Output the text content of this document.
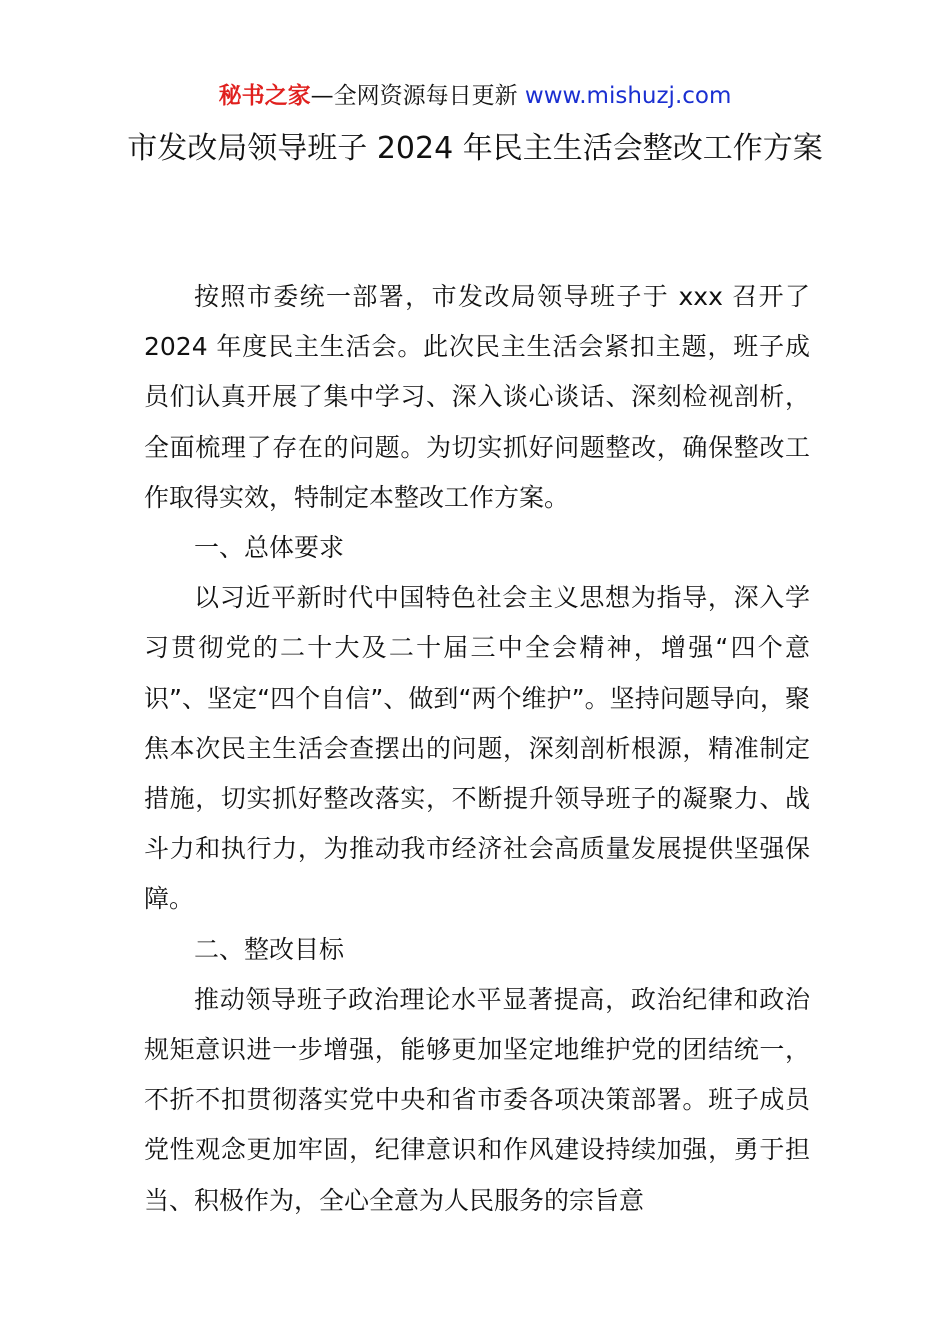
秘书之家—全网资源每日更新 www.mishuzj.com
市发改局领导班子 2024 年民主生活会整改工作方案

按照市委统一部署，市发改局领导班子于 xxx 召开了 2024 年度民主生活会。此次民主生活会紧扣主题，班子成员们认真开展了集中学习、深入谈心谈话、深刻检视剖析，全面梳理了存在的问题。为切实抓好问题整改，确保整改工作取得实效，特制定本整改工作方案。

一、总体要求

以习近平新时代中国特色社会主义思想为指导，深入学习贯彻党的二十大及二十届三中全会精神，增强“四个意识”、坚定“四个自信”、做到“两个维护”。坚持问题导向，聚焦本次民主生活会查摆出的问题，深刻剖析根源，精准制定措施，切实抓好整改落实，不断提升领导班子的凝聚力、战斗力和执行力，为推动我市经济社会高质量发展提供坚强保障。

二、整改目标

推动领导班子政治理论水平显著提高，政治纪律和政治规矩意识进一步增强，能够更加坚定地维护党的团结统一，不折不扣贯彻落实党中央和省市委各项决策部署。班子成员党性观念更加牢固，纪律意识和作风建设持续加强，勇于担当、积极作为，全心全意为人民服务的宗旨意
